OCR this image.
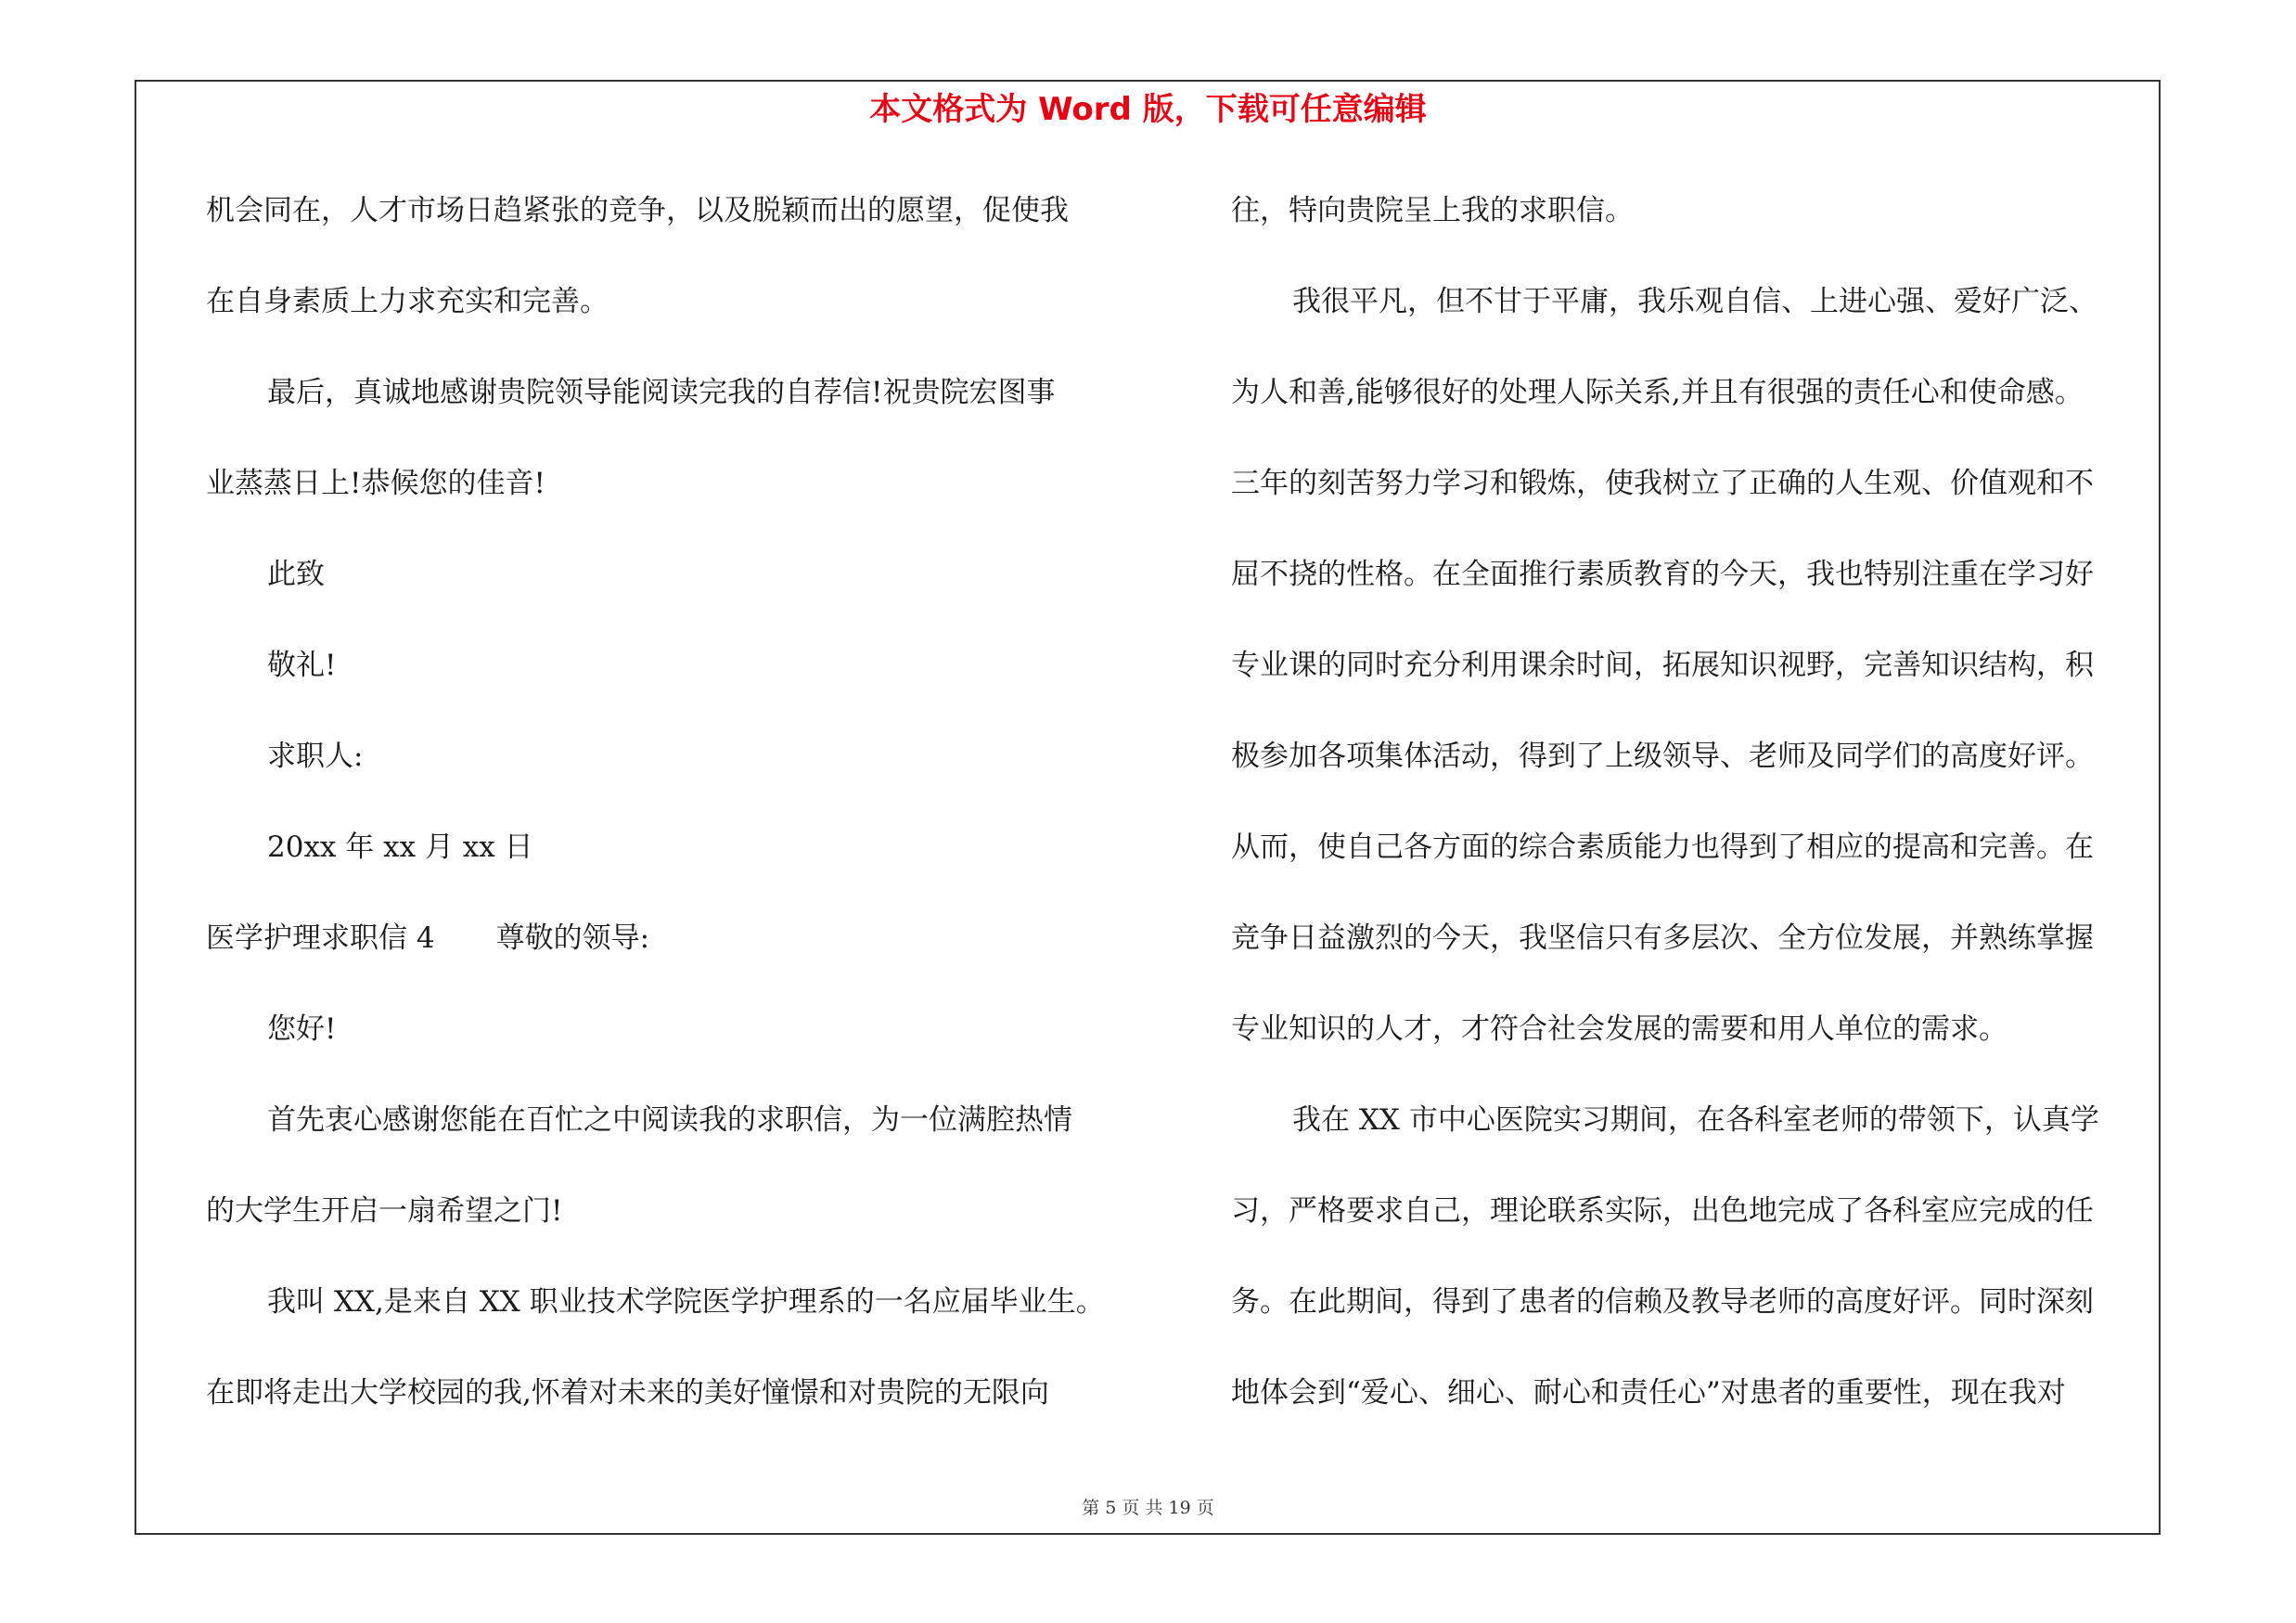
本文格式为 Word 版，下载可任意编辑

机会同在，人才市场日趋紧张的竞争，以及脱颖而出的愿望，促使我

在自身素质上力求充实和完善。

最后，真诚地感谢贵院领导能阅读完我的自荐信!祝贵院宏图事

业蒸蒸日上!恭候您的佳音!

此致

敬礼!

求职人:

20xx 年 xx 月 xx 日

医学护理求职信 4 尊敬的领导:

您好!

首先衷心感谢您能在百忙之中阅读我的求职信，为一位满腔热情

的大学生开启一扇希望之门!

我叫 XX,是来自 XX 职业技术学院医学护理系的一名应届毕业生。

在即将走出大学校园的我,怀着对未来的美好憧憬和对贵院的无限向

往，特向贵院呈上我的求职信。

我很平凡，但不甘于平庸，我乐观自信、上进心强、爱好广泛、

为人和善,能够很好的处理人际关系,并且有很强的责任心和使命感。

三年的刻苦努力学习和锻炼，使我树立了正确的人生观、价值观和不

屈不挠的性格。在全面推行素质教育的今天，我也特别注重在学习好

专业课的同时充分利用课余时间，拓展知识视野，完善知识结构，积

极参加各项集体活动，得到了上级领导、老师及同学们的高度好评。

从而，使自己各方面的综合素质能力也得到了相应的提高和完善。在

竞争日益激烈的今天，我坚信只有多层次、全方位发展，并熟练掌握

专业知识的人才，才符合社会发展的需要和用人单位的需求。

我在 XX 市中心医院实习期间，在各科室老师的带领下，认真学

习，严格要求自己，理论联系实际，出色地完成了各科室应完成的任

务。在此期间，得到了患者的信赖及教导老师的高度好评。同时深刻

地体会到“爱心、细心、耐心和责任心”对患者的重要性，现在我对

第 5 页 共 19 页
